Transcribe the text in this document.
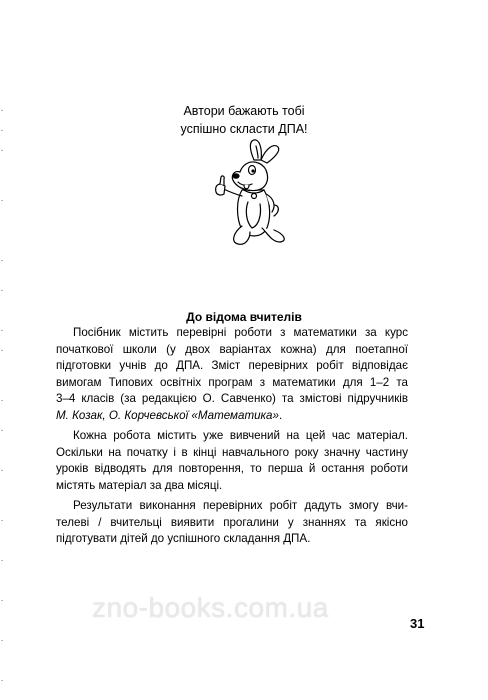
Автори бажають тобі
успішно скласти ДПА!
До відома вчителів

Посібник містить перевірні роботи з математики за курс
початкової школи (у двох варіантах кожна) для поетапної
підготовки учнів до ДПА. Зміст перевірних робіт відповідає
вимогам Типових освітніх програм з математики для 1–2 та
3–4 класів (за редакцією О. Савченко) та змістові підручників
М. Козак, О. Корчевської «Математика».

Кожна робота містить уже вивчений на цей час матеріал.
Оскільки на початку і в кінці навчального року значну частину
уроків відводять для повторення, то перша й остання роботи
містять матеріал за два місяці.

Результати виконання перевірних робіт дадуть змогу вчи-
телеві / вчительці виявити прогалини у знаннях та якісно
підготувати дітей до успішного складання ДПА.

zno-books.com.ua
31
